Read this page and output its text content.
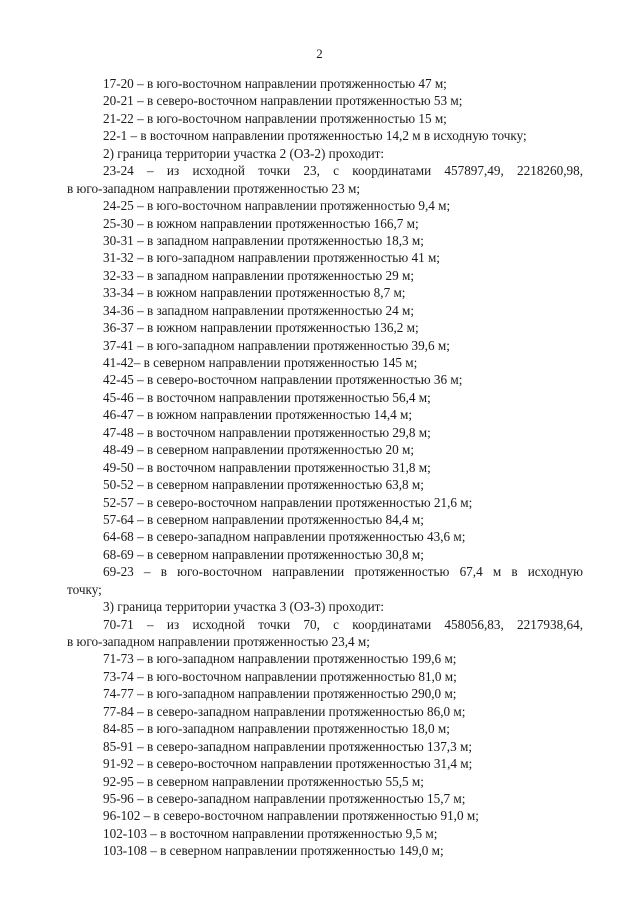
2
17-20 – в юго-восточном направлении протяженностью 47 м;
20-21 – в северо-восточном направлении протяженностью 53 м;
21-22 – в юго-восточном направлении протяженностью 15 м;
22-1 – в восточном направлении протяженностью 14,2 м в исходную точку;
2) граница территории участка 2 (ОЗ-2) проходит:
23-24 – из исходной точки 23, с координатами 457897,49, 2218260,98,
в юго-западном направлении протяженностью 23 м;
24-25 – в юго-восточном направлении протяженностью 9,4 м;
25-30 – в южном направлении протяженностью 166,7 м;
30-31 – в западном направлении протяженностью 18,3 м;
31-32 – в юго-западном направлении протяженностью 41 м;
32-33 – в западном направлении протяженностью 29 м;
33-34 – в южном направлении протяженностью 8,7 м;
34-36 – в западном направлении протяженностью 24 м;
36-37 – в южном направлении протяженностью 136,2 м;
37-41 – в юго-западном направлении протяженностью 39,6 м;
41-42– в северном направлении протяженностью 145 м;
42-45 – в северо-восточном направлении протяженностью 36 м;
45-46 – в восточном направлении протяженностью 56,4 м;
46-47 – в южном направлении протяженностью 14,4 м;
47-48 – в восточном направлении протяженностью 29,8 м;
48-49 – в северном направлении протяженностью 20 м;
49-50 – в восточном направлении протяженностью 31,8 м;
50-52 – в северном направлении протяженностью 63,8 м;
52-57 – в северо-восточном направлении протяженностью 21,6 м;
57-64 – в северном направлении протяженностью 84,4 м;
64-68 – в северо-западном направлении протяженностью 43,6 м;
68-69 – в северном направлении протяженностью 30,8 м;
69-23 – в юго-восточном направлении протяженностью 67,4 м в исходную
точку;
3) граница территории участка 3 (ОЗ-3) проходит:
70-71 – из исходной точки 70, с координатами 458056,83, 2217938,64,
в юго-западном направлении протяженностью 23,4 м;
71-73 – в юго-западном направлении протяженностью 199,6 м;
73-74 – в юго-восточном направлении протяженностью 81,0 м;
74-77 – в юго-западном направлении протяженностью 290,0 м;
77-84 – в северо-западном направлении протяженностью 86,0 м;
84-85 – в юго-западном направлении протяженностью 18,0 м;
85-91 – в северо-западном направлении протяженностью 137,3 м;
91-92 – в северо-восточном направлении протяженностью 31,4 м;
92-95 – в северном направлении протяженностью 55,5 м;
95-96 – в северо-западном направлении протяженностью 15,7 м;
96-102 – в северо-восточном направлении протяженностью 91,0 м;
102-103 – в восточном направлении протяженностью 9,5 м;
103-108 – в северном направлении протяженностью 149,0 м;
